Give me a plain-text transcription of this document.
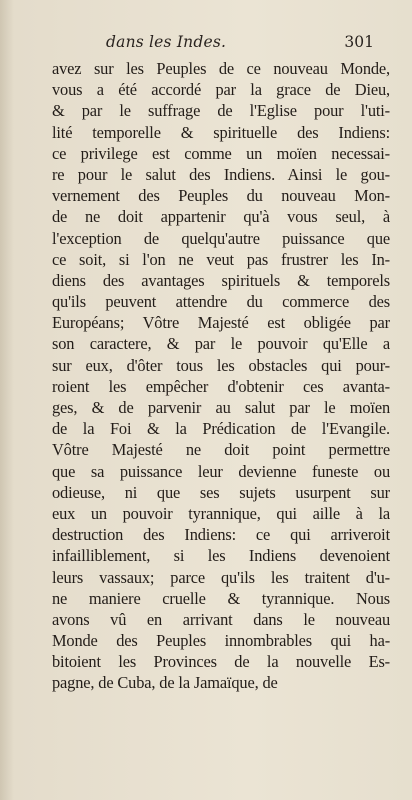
dans les Indes.	301
avez sur les Peuples de ce nouveau Monde,
vous a été accordé par la grace de Dieu,
& par le suffrage de l'Eglise pour l'uti-
lité temporelle & spirituelle des Indiens:
ce privilege est comme un moïen necessai-
re pour le salut des Indiens. Ainsi le gou-
vernement des Peuples du nouveau Mon-
de ne doit appartenir qu'à vous seul, à
l'exception de quelqu'autre puissance que
ce soit, si l'on ne veut pas frustrer les In-
diens des avantages spirituels & temporels
qu'ils peuvent attendre du commerce des
Européans; Vôtre Majesté est obligée par
son caractere, & par le pouvoir qu'Elle a
sur eux, d'ôter tous les obstacles qui pour-
roient les empêcher d'obtenir ces avanta-
ges, & de parvenir au salut par le moïen
de la Foi & la Prédication de l'Evangile.
Vôtre Majesté ne doit point permettre
que sa puissance leur devienne funeste ou
odieuse, ni que ses sujets usurpent sur
eux un pouvoir tyrannique, qui aille à la
destruction des Indiens: ce qui arriveroit
infailliblement, si les Indiens devenoient
leurs vassaux; parce qu'ils les traitent d'u-
ne maniere cruelle & tyrannique. Nous
avons vû en arrivant dans le nouveau
Monde des Peuples innombrables qui ha-
bitoient les Provinces de la nouvelle Es-
pagne, de Cuba, de la Jamaïque, de
